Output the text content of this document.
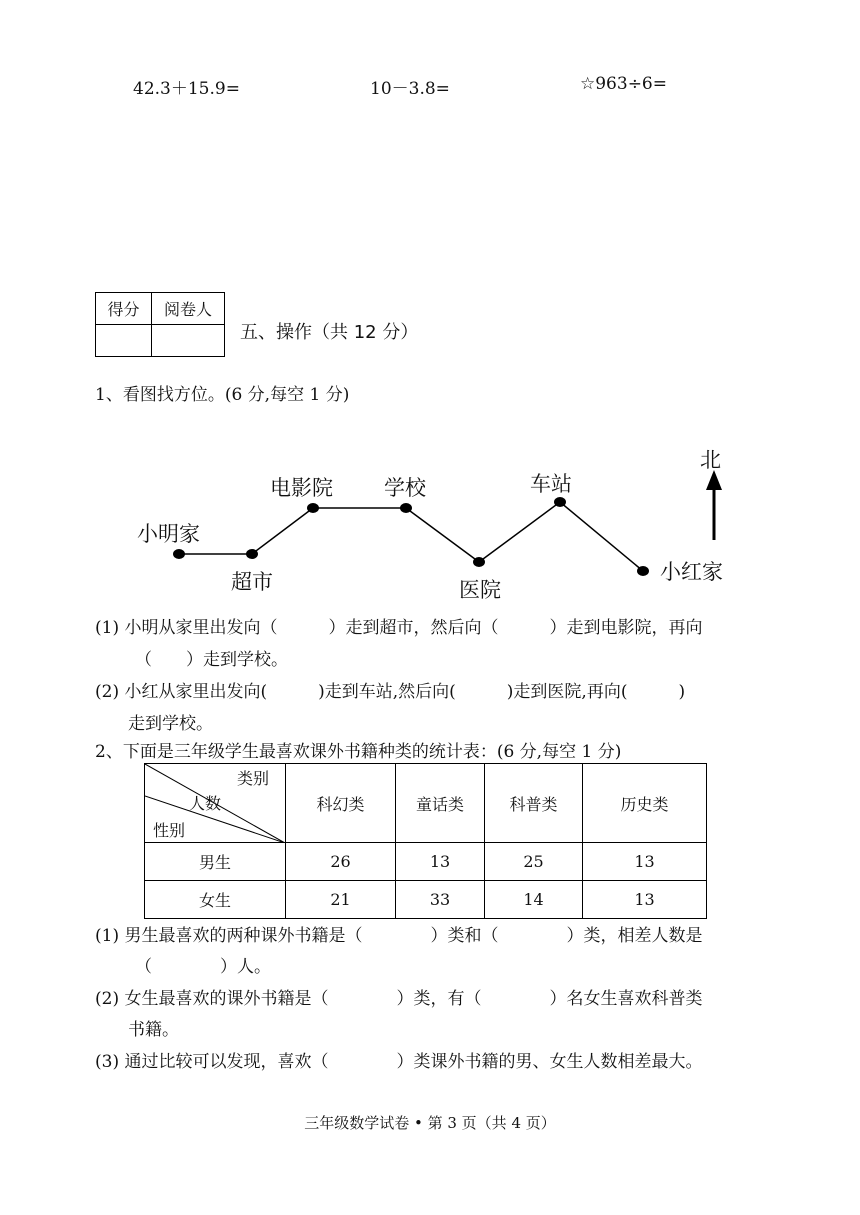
42.3＋15.9=	10－3.8=	☆963÷6=
得分	阅卷人

五、操作（共 12 分）
1、看图找方位。(6 分,每空 1 分)
北
小明家
超市
电影院 学校
医院
车站
小红家
(1) 小明从家里出发向（　　　）走到超市，然后向（　　　）走到电影院，再向
（　　）走到学校。
(2) 小红从家里出发向(　　　)走到车站,然后向(　　　)走到医院,再向(　　　)
走到学校。
2、下面是三年级学生最喜欢课外书籍种类的统计表：(6 分,每空 1 分)
类别
人数
性别	科幻类	童话类	科普类	历史类
男生	26	13	25	13
女生	21	33	14	13
(1) 男生最喜欢的两种课外书籍是（　　　　）类和（　　　　）类，相差人数是
（　　　　）人。
(2) 女生最喜欢的课外书籍是（　　　　）类，有（　　　　）名女生喜欢科普类
书籍。
(3) 通过比较可以发现，喜欢（　　　　）类课外书籍的男、女生人数相差最大。
三年级数学试卷 • 第 3 页（共 4 页）
